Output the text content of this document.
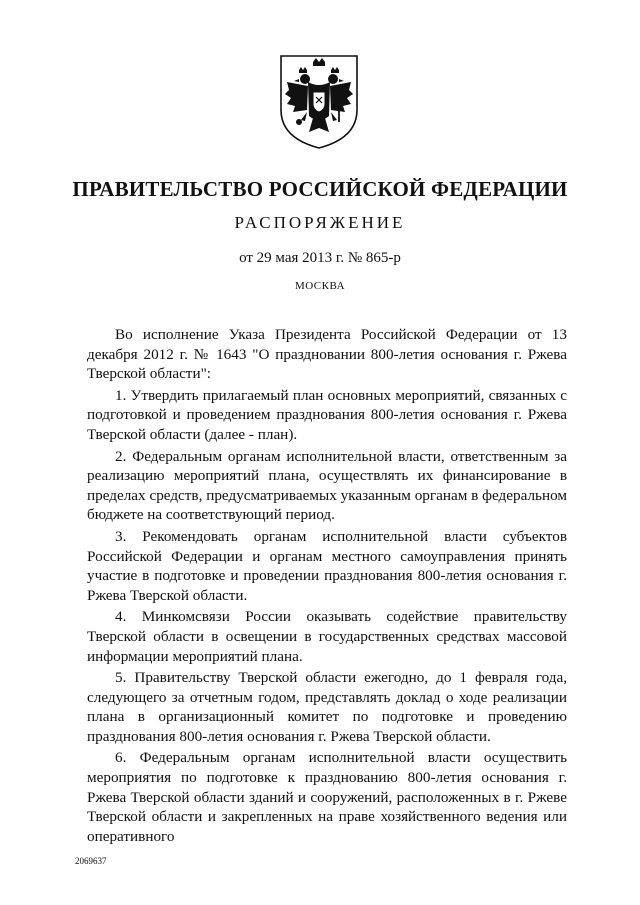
ПРАВИТЕЛЬСТВО РОССИЙСКОЙ ФЕДЕРАЦИИ
РАСПОРЯЖЕНИЕ
от 29 мая 2013 г. № 865-р
МОСКВА

Во исполнение Указа Президента Российской Федерации от 13 декабря 2012 г. № 1643 "О праздновании 800-летия основания г. Ржева Тверской области":

1. Утвердить прилагаемый план основных мероприятий, связанных с подготовкой и проведением празднования 800-летия основания г. Ржева Тверской области (далее - план).

2. Федеральным органам исполнительной власти, ответственным за реализацию мероприятий плана, осуществлять их финансирование в пределах средств, предусматриваемых указанным органам в федеральном бюджете на соответствующий период.

3. Рекомендовать органам исполнительной власти субъектов Российской Федерации и органам местного самоуправления принять участие в подготовке и проведении празднования 800-летия основания г. Ржева Тверской области.

4. Минкомсвязи России оказывать содействие правительству Тверской области в освещении в государственных средствах массовой информации мероприятий плана.

5. Правительству Тверской области ежегодно, до 1 февраля года, следующего за отчетным годом, представлять доклад о ходе реализации плана в организационный комитет по подготовке и проведению празднования 800-летия основания г. Ржева Тверской области.

6. Федеральным органам исполнительной власти осуществить мероприятия по подготовке к празднованию 800-летия основания г. Ржева Тверской области зданий и сооружений, расположенных в г. Ржеве Тверской области и закрепленных на праве хозяйственного ведения или оперативного

2069637
